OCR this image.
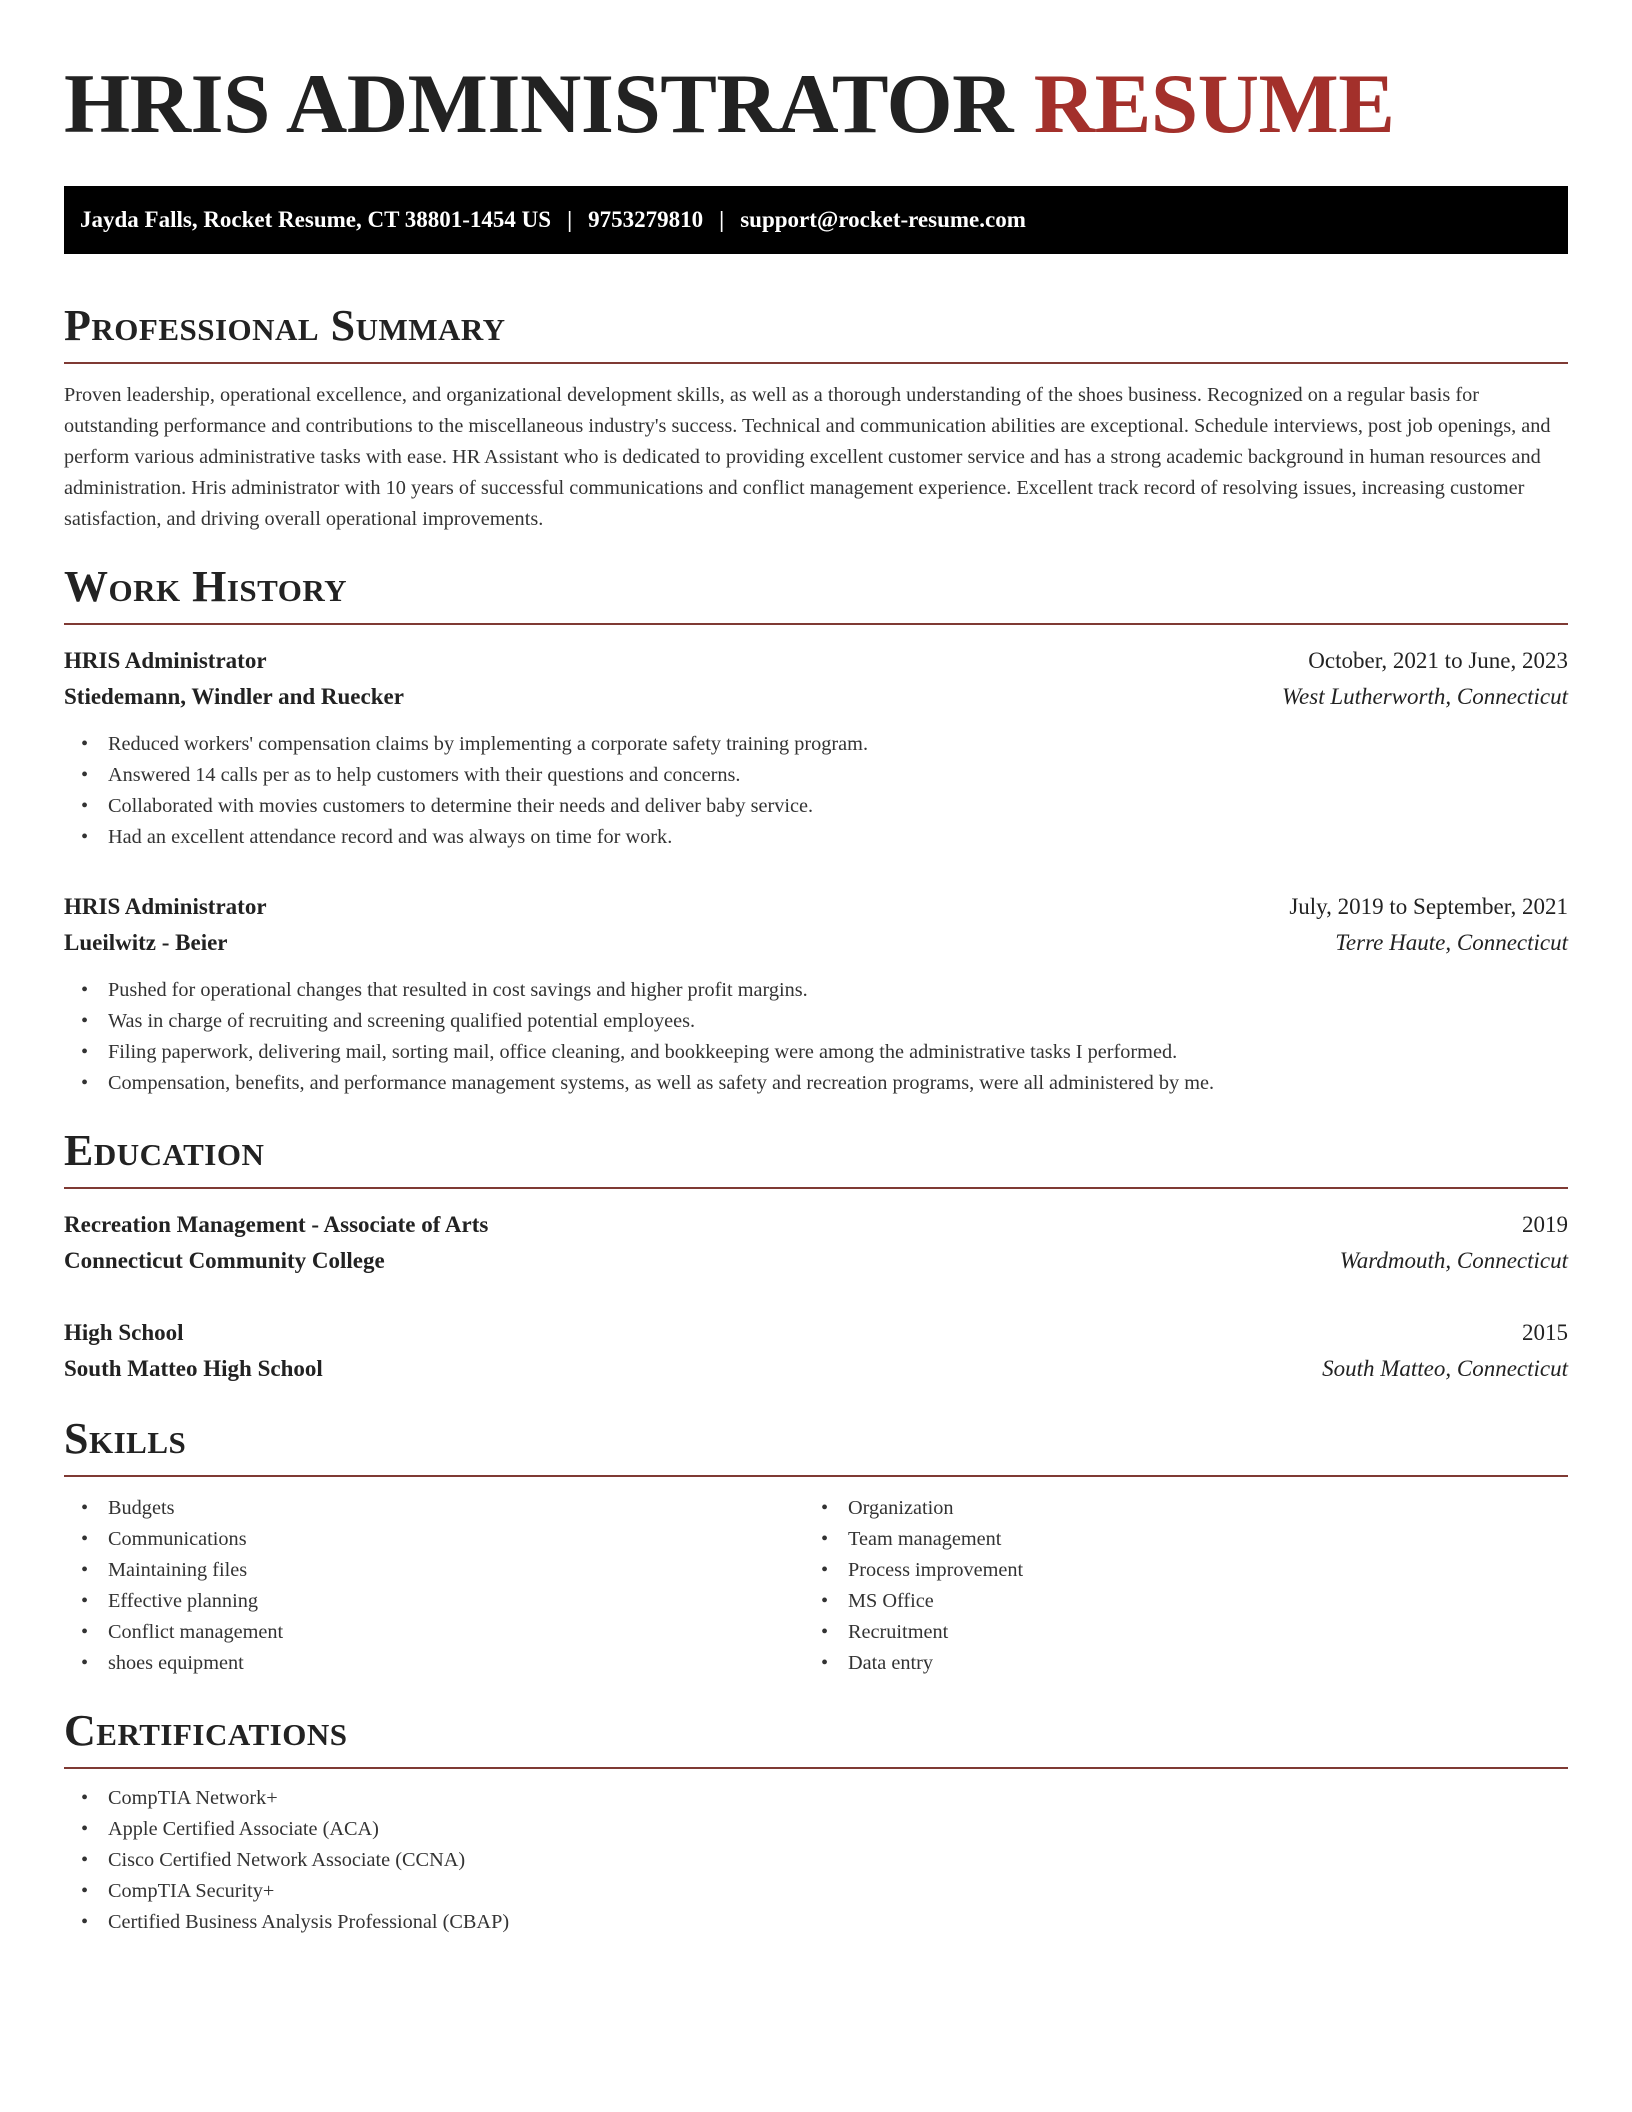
HRIS ADMINISTRATOR RESUME
Jayda Falls, Rocket Resume, CT 38801-1454 US | 9753279810 | support@rocket-resume.com
Professional Summary

Proven leadership, operational excellence, and organizational development skills, as well as a thorough understanding of the shoes business. Recognized on a regular basis for outstanding performance and contributions to the miscellaneous industry's success. Technical and communication abilities are exceptional. Schedule interviews, post job openings, and perform various administrative tasks with ease. HR Assistant who is dedicated to providing excellent customer service and has a strong academic background in human resources and administration. Hris administrator with 10 years of successful communications and conflict management experience. Excellent track record of resolving issues, increasing customer satisfaction, and driving overall operational improvements.

Work History
HRIS Administrator	October, 2021 to June, 2023
Stiedemann, Windler and Ruecker	West Lutherworth, Connecticut
• Reduced workers' compensation claims by implementing a corporate safety training program.
• Answered 14 calls per as to help customers with their questions and concerns.
• Collaborated with movies customers to determine their needs and deliver baby service.
• Had an excellent attendance record and was always on time for work.
HRIS Administrator	July, 2019 to September, 2021
Lueilwitz - Beier	Terre Haute, Connecticut
• Pushed for operational changes that resulted in cost savings and higher profit margins.
• Was in charge of recruiting and screening qualified potential employees.
• Filing paperwork, delivering mail, sorting mail, office cleaning, and bookkeeping were among the administrative tasks I performed.
• Compensation, benefits, and performance management systems, as well as safety and recreation programs, were all administered by me.
Education
Recreation Management - Associate of Arts	2019
Connecticut Community College	Wardmouth, Connecticut
High School	2015
South Matteo High School	South Matteo, Connecticut
Skills
• Budgets
• Communications
• Maintaining files
• Effective planning
• Conflict management
• shoes equipment
• Organization
• Team management
• Process improvement
• MS Office
• Recruitment
• Data entry
Certifications
• CompTIA Network+
• Apple Certified Associate (ACA)
• Cisco Certified Network Associate (CCNA)
• CompTIA Security+
• Certified Business Analysis Professional (CBAP)
